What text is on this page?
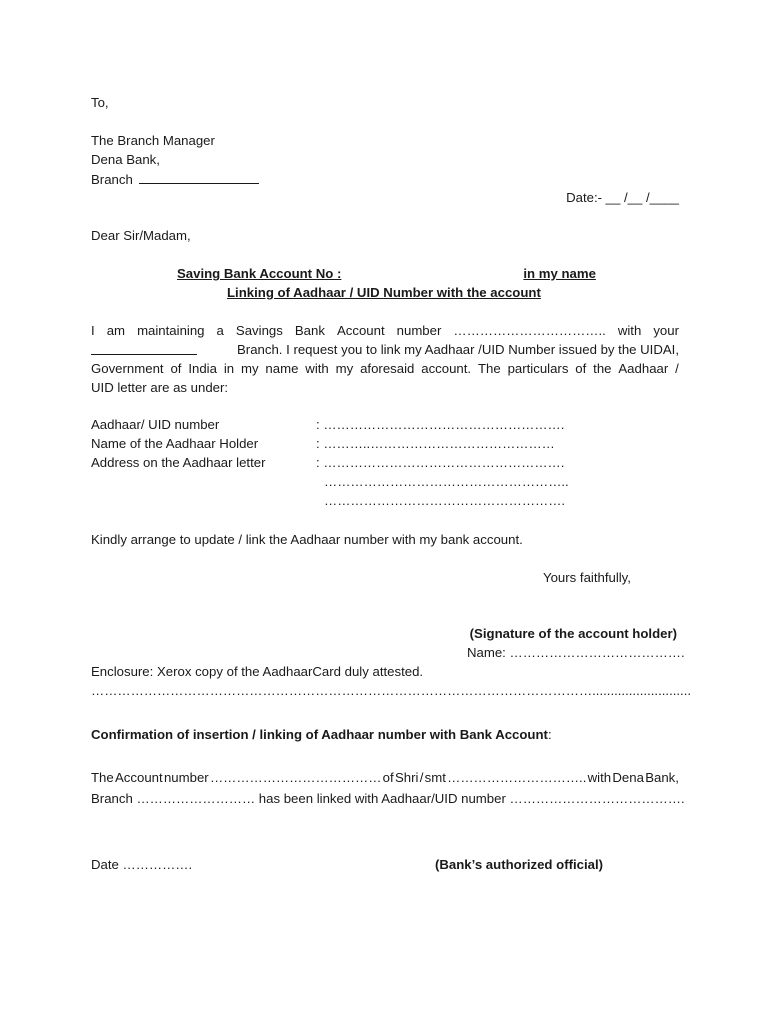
To,
The Branch Manager
Dena Bank,
Branch
Date:- __ /__ /____
Dear Sir/Madam,
Saving Bank Account No :	in my name
Linking of Aadhaar / UID Number with the account
I am maintaining a Savings Bank Account number …………………………….. with your
Branch. I request you to link my Aadhaar /UID Number issued by the UIDAI,
Government of India in my name with my aforesaid account. The particulars of the Aadhaar /
UID letter are as under:
Aadhaar/ UID number	: ……………………………………………….
Name of the Aadhaar Holder	: ………..……………………………………
Address on the Aadhaar letter	: ……………………………………………….
………………………………………………..
……………………………………………….
Kindly arrange to update / link the Aadhaar number with my bank account.
Yours faithfully,
(Signature of the account holder)
Name: ………………………………….
Enclosure: Xerox copy of the AadhaarCard duly attested.
……………………………………………………………………………………………………...........................
Confirmation of insertion / linking of Aadhaar number with Bank Account:
The Account number ………………………………… of Shri / smt ………………………….. with Dena Bank,
Branch ……………………… has been linked with Aadhaar/UID number ………………………………….
Date …………….	(Bank’s authorized official)
